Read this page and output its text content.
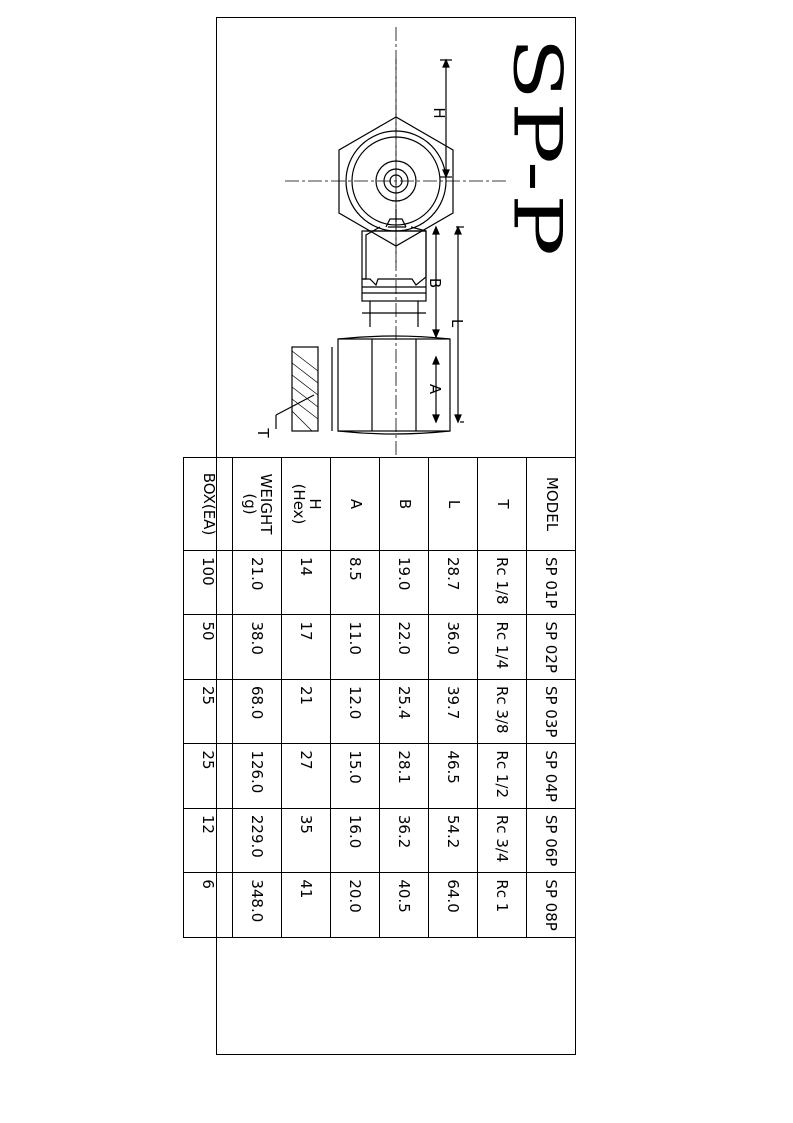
SP-P
H
B
L
A
T
MODEL	SP 01P	SP 02P	SP 03P	SP 04P	SP 06P	SP 08P

T	Rc 1/8	Rc 1/4	Rc 3/8	Rc 1/2	Rc 3/4	Rc 1

L	28.7	36.0	39.7	46.5	54.2	64.0

B	19.0	22.0	25.4	28.1	36.2	40.5

A	8.5	11.0	12.0	15.0	16.0	20.0

H
(Hex)	14	17	21	27	35	41

WEIGHT
(g)	21.0	38.0	68.0	126.0	229.0	348.0

BOX(EA)	100	50	25	25	12	6
